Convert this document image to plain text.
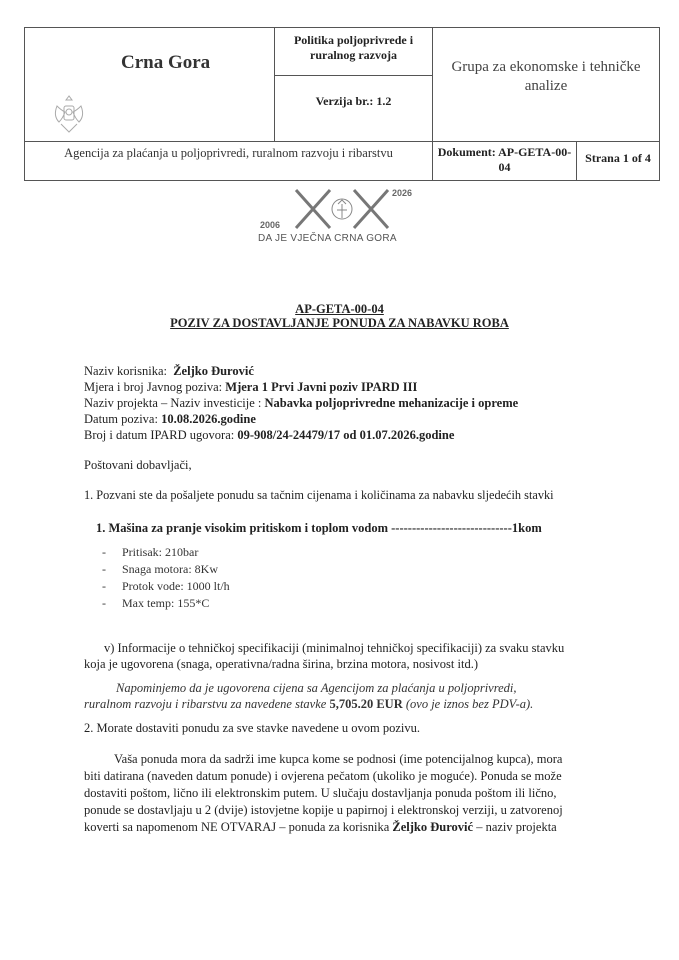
Crna Gora
Politika poljoprivrede i ruralnog razvoja
Verzija br.: 1.2
Grupa za ekonomske i tehničke analize
Agencija za plaćanja u poljoprivredi, ruralnom razvoju i ribarstvu	Dokument: AP-GETA-00-04
Strana 1 of 4
2006
2026
DA JE VJEČNA CRNA GORA
AP-GETA-00-04
POZIV ZA DOSTAVLJANJE PONUDA ZA NABAVKU ROBA
Naziv korisnika: Željko Đurović
Mjera i broj Javnog poziva: Mjera 1 Prvi Javni poziv IPARD III
Naziv projekta – Naziv investicije : Nabavka poljoprivredne mehanizacije i opreme
Datum poziva: 10.08.2026.godine
Broj i datum IPARD ugovora: 09-908/24-24479/17 od 01.07.2026.godine
Poštovani dobavljači,
1. Pozvani ste da pošaljete ponudu sa tačnim cijenama i količinama za nabavku sljedećih stavki
1. Mašina za pranje visokim pritiskom i toplom vodom -----------------------------1kom
- Pritisak: 210bar
- Snaga motora: 8Kw
- Protok vode: 1000 lt/h
- Max temp: 155*C
v) Informacije o tehničkoj specifikaciji (minimalnoj tehničkoj specifikaciji) za svaku stavku
koja je ugovorena (snaga, operativna/radna širina, brzina motora, nosivost itd.)
Napominjemo da je ugovorena cijena sa Agencijom za plaćanja u poljoprivredi,
ruralnom razvoju i ribarstvu za navedene stavke 5,705.20 EUR (ovo je iznos bez PDV-a).
2. Morate dostaviti ponudu za sve stavke navedene u ovom pozivu.
Vaša ponuda mora da sadrži ime kupca kome se podnosi (ime potencijalnog kupca), mora
biti datirana (naveden datum ponude) i ovjerena pečatom (ukoliko je moguće). Ponuda se može
dostaviti poštom, lično ili elektronskim putem. U slučaju dostavljanja ponuda poštom ili lično,
ponude se dostavljaju u 2 (dvije) istovjetne kopije u papirnoj i elektronskoj verziji, u zatvorenoj
koverti sa napomenom NE OTVARAJ – ponuda za korisnika Željko Đurović – naziv projekta
